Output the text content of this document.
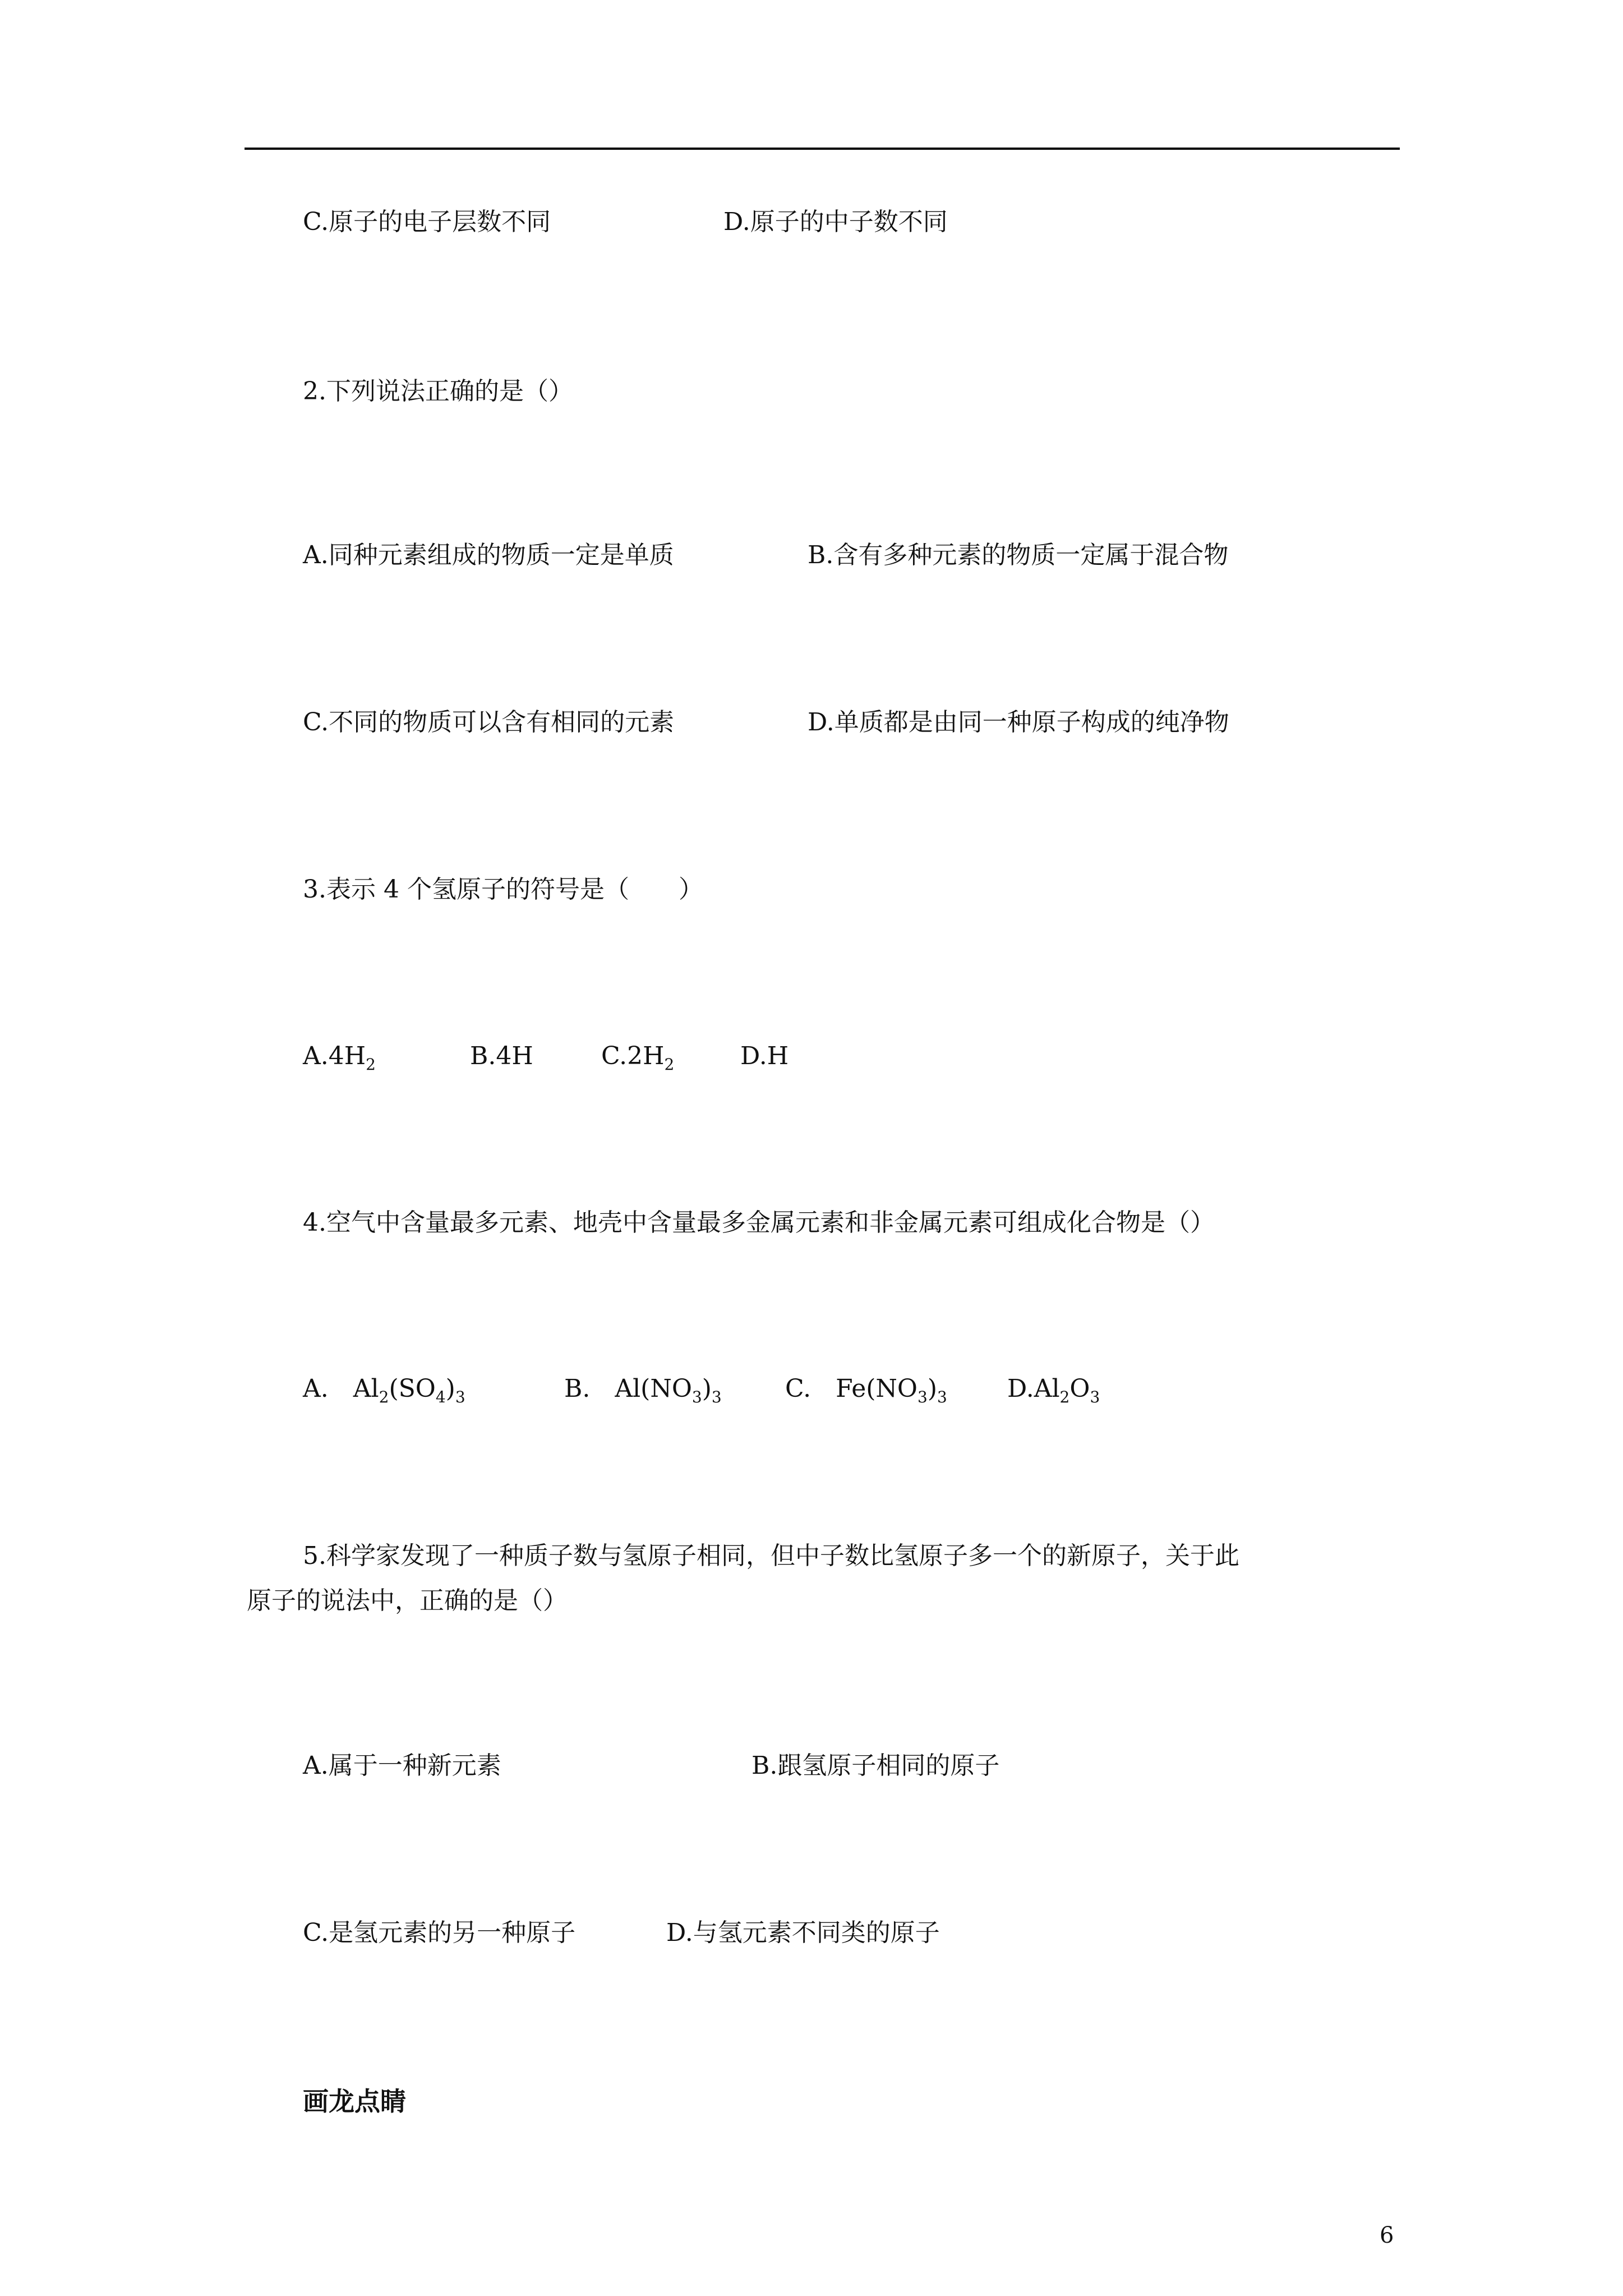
C.原子的电子层数不同	D.原子的中子数不同
2.下列说法正确的是（）
A.同种元素组成的物质一定是单质	B.含有多种元素的物质一定属于混合物
C.不同的物质可以含有相同的元素	D.单质都是由同一种原子构成的纯净物
3.表示 4 个氢原子的符号是（　　）
$A.4H_2$	B.4H	$C.2H_2$	D.H
4.空气中含量最多元素、地壳中含量最多金属元素和非金属元素可组成化合物是（）
A.　$Al_2(SO_4)_3$	B.　$Al(NO_3)_3$	C.　$Fe(NO_3)_3$ $D.Al_2O_3$
5.科学家发现了一种质子数与氢原子相同，但中子数比氢原子多一个的新原子，关于此
原子的说法中，正确的是（）
A.属于一种新元素	B.跟氢原子相同的原子
C.是氢元素的另一种原子	D.与氢元素不同类的原子
画龙点睛
6
